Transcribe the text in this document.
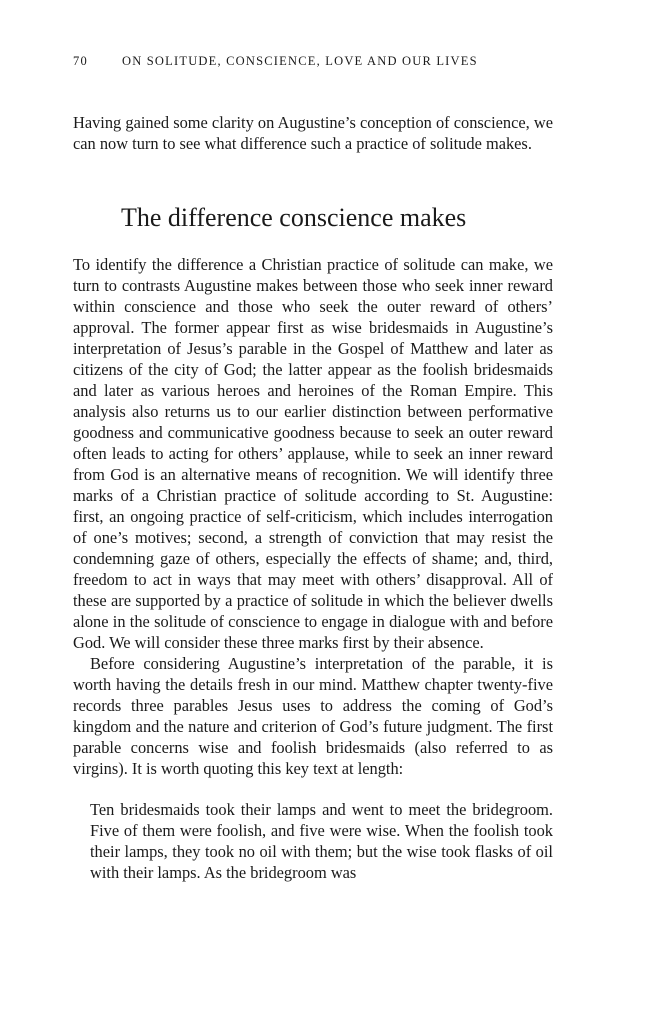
70	ON SOLITUDE, CONSCIENCE, LOVE AND OUR LIVES

Having gained some clarity on Augustine’s conception of conscience, we can now turn to see what difference such a practice of solitude makes.

The difference conscience makes

To identify the difference a Christian practice of solitude can make, we turn to contrasts Augustine makes between those who seek inner reward within conscience and those who seek the outer reward of others’ approval. The former appear first as wise bridesmaids in Augustine’s interpretation of Jesus’s parable in the Gospel of Matthew and later as citizens of the city of God; the latter appear as the foolish bridesmaids and later as various heroes and heroines of the Roman Empire. This analysis also returns us to our earlier distinction between performative goodness and communicative goodness because to seek an outer reward often leads to acting for others’ applause, while to seek an inner reward from God is an alternative means of recognition. We will identify three marks of a Christian practice of solitude according to St. Augustine: first, an ongoing practice of self-criticism, which includes interrogation of one’s motives; second, a strength of conviction that may resist the condemning gaze of others, especially the effects of shame; and, third, freedom to act in ways that may meet with others’ disapproval. All of these are supported by a practice of solitude in which the believer dwells alone in the solitude of conscience to engage in dialogue with and before God. We will consider these three marks first by their absence.

Before considering Augustine’s interpretation of the parable, it is worth having the details fresh in our mind. Matthew chapter twenty-five records three parables Jesus uses to address the coming of God’s kingdom and the nature and criterion of God’s future judgment. The first parable concerns wise and foolish bridesmaids (also referred to as virgins). It is worth quoting this key text at length:

Ten bridesmaids took their lamps and went to meet the bridegroom. Five of them were foolish, and five were wise. When the foolish took their lamps, they took no oil with them; but the wise took flasks of oil with their lamps. As the bridegroom was
